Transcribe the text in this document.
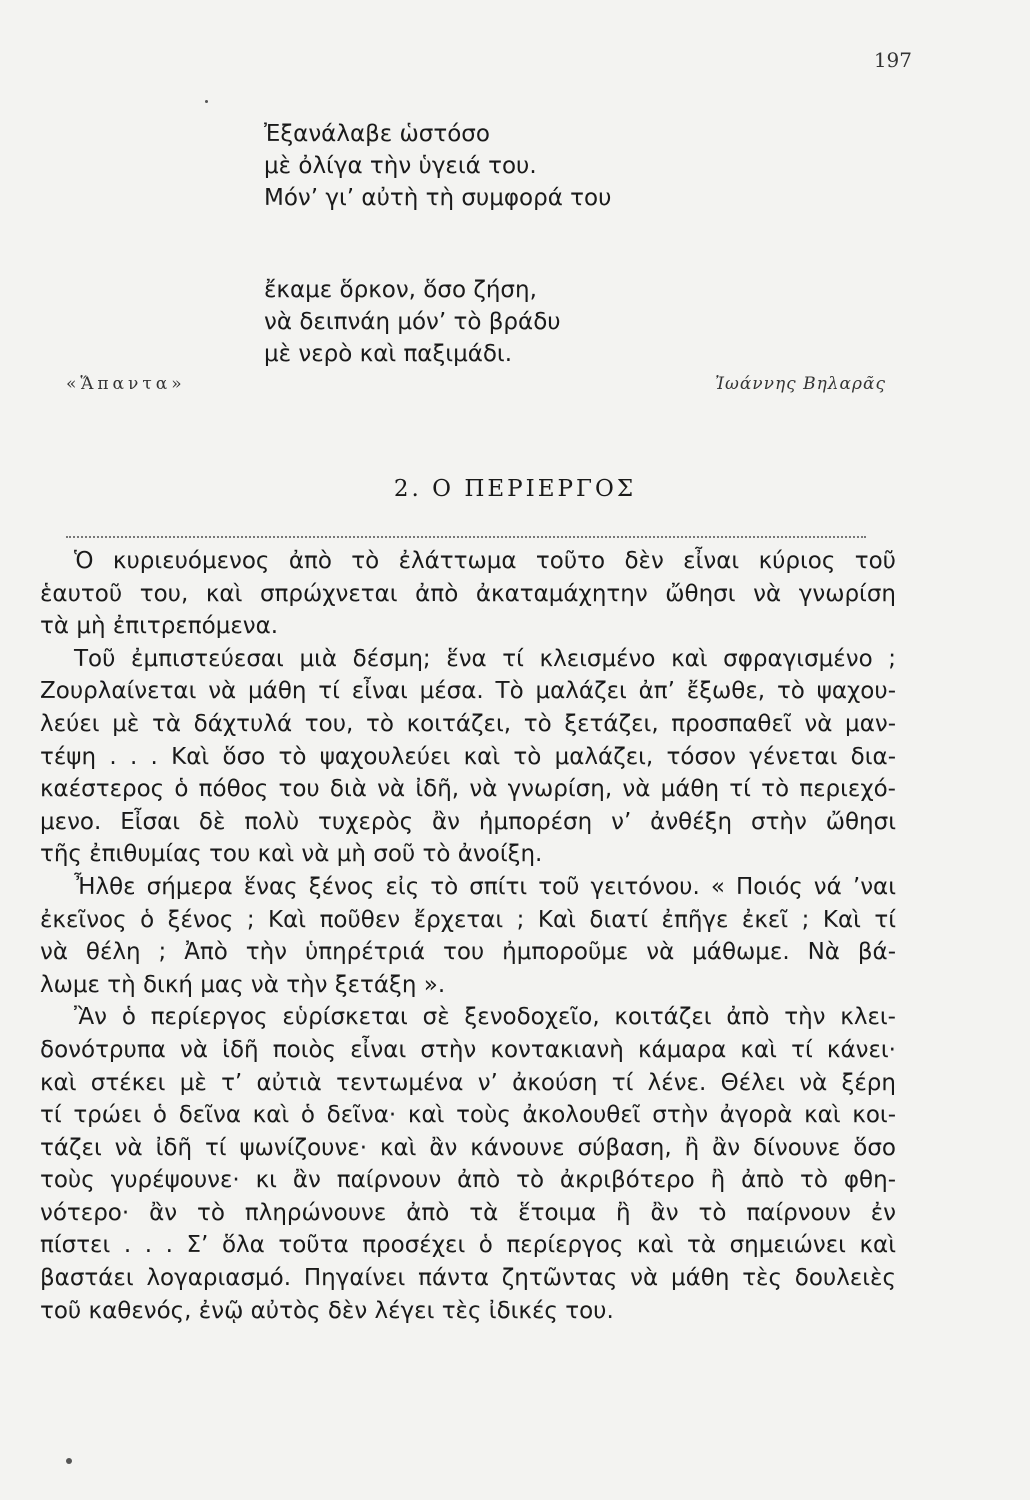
197
Ἐξανάλαβε ὡστόσο
μὲ ὀλίγα τὴν ὑγειά του.
Μόν’ γι’ αὐτὴ τὴ συμφορά του
ἔκαμε ὅρκον, ὅσο ζήση,
νὰ δειπνάη μόν’ τὸ βράδυ
μὲ νερὸ καὶ παξιμάδι.
«Ἅπαντα»	Ἰωάννης Βηλαρᾶς
2. Ο ΠΕΡΙΕΡΓΟΣ
Ὁ κυριευόμενος ἀπὸ τὸ ἐλάττωμα τοῦτο δὲν εἶναι κύριος τοῦ
ἑαυτοῦ του, καὶ σπρώχνεται ἀπὸ ἀκαταμάχητην ὤθησι νὰ γνωρίση
τὰ μὴ ἐπιτρεπόμενα.
Τοῦ ἐμπιστεύεσαι μιὰ δέσμη; ἕνα τί κλεισμένο καὶ σφραγισμένο ;
Ζουρλαίνεται νὰ μάθη τί εἶναι μέσα. Τὸ μαλάζει ἀπ’ ἔξωθε, τὸ ψαχου-
λεύει μὲ τὰ δάχτυλά του, τὸ κοιτάζει, τὸ ξετάζει, προσπαθεῖ νὰ μαν-
τέψη . . . Καὶ ὅσο τὸ ψαχουλεύει καὶ τὸ μαλάζει, τόσον γένεται δια-
καέστερος ὁ πόθος του διὰ νὰ ἰδῆ, νὰ γνωρίση, νὰ μάθη τί τὸ περιεχό-
μενο. Εἶσαι δὲ πολὺ τυχερὸς ἂν ἠμπορέση ν’ ἀνθέξη στὴν ὤθησι
τῆς ἐπιθυμίας του καὶ νὰ μὴ σοῦ τὸ ἀνοίξη.
Ἦλθε σήμερα ἕνας ξένος εἰς τὸ σπίτι τοῦ γειτόνου. « Ποιός νά ’ναι
ἐκεῖνος ὁ ξένος ; Καὶ ποῦθεν ἔρχεται ; Καὶ διατί ἐπῆγε ἐκεῖ ; Καὶ τί
νὰ θέλη ; Ἀπὸ τὴν ὑπηρέτριά του ἠμποροῦμε νὰ μάθωμε. Νὰ βά-
λωμε τὴ δική μας νὰ τὴν ξετάξη ».
Ἂν ὁ περίεργος εὑρίσκεται σὲ ξενοδοχεῖο, κοιτάζει ἀπὸ τὴν κλει-
δονότρυπα νὰ ἰδῆ ποιὸς εἶναι στὴν κοντακιανὴ κάμαρα καὶ τί κάνει·
καὶ στέκει μὲ τ’ αὐτιὰ τεντωμένα ν’ ἀκούση τί λένε. Θέλει νὰ ξέρη
τί τρώει ὁ δεῖνα καὶ ὁ δεῖνα· καὶ τοὺς ἀκολουθεῖ στὴν ἀγορὰ καὶ κοι-
τάζει νὰ ἰδῆ τί ψωνίζουνε· καὶ ἂν κάνουνε σύβαση, ἢ ἂν δίνουνε ὅσο
τοὺς γυρέψουνε· κι ἂν παίρνουν ἀπὸ τὸ ἀκριβότερο ἢ ἀπὸ τὸ φθη-
νότερο· ἂν τὸ πληρώνουνε ἀπὸ τὰ ἕτοιμα ἢ ἂν τὸ παίρνουν ἐν
πίστει . . . Σ’ ὅλα τοῦτα προσέχει ὁ περίεργος καὶ τὰ σημειώνει καὶ
βαστάει λογαριασμό. Πηγαίνει πάντα ζητῶντας νὰ μάθη τὲς δουλειὲς
τοῦ καθενός, ἐνῷ αὐτὸς δὲν λέγει τὲς ἰδικές του.
